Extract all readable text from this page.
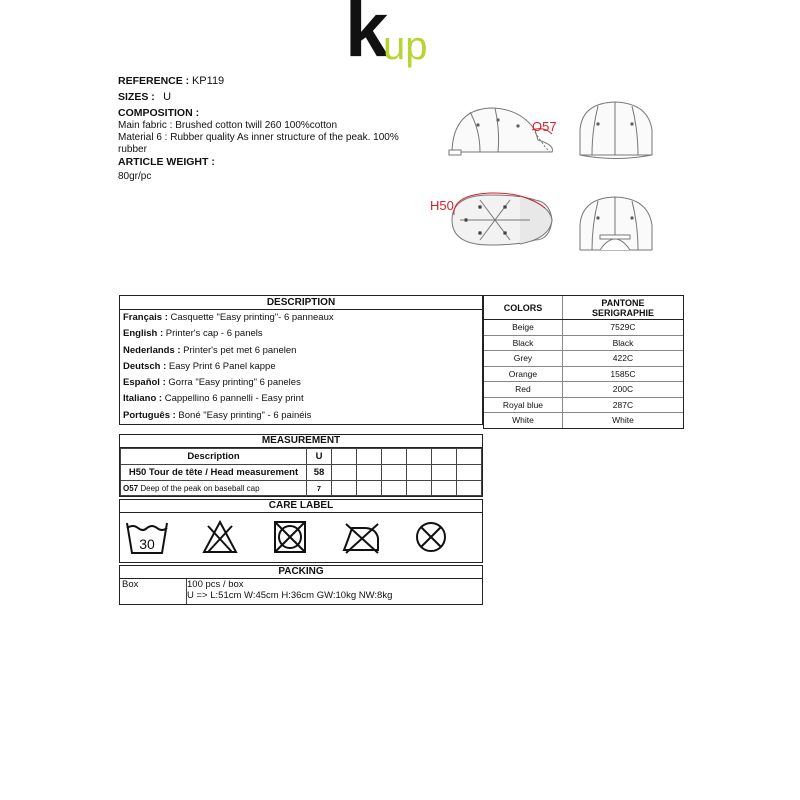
k
up

REFERENCE : KP119

SIZES : U

COMPOSITION :

Main fabric : Brushed cotton twill 260 100%cotton

Material 6 : Rubber quality As inner structure of the peak. 100% rubber

ARTICLE WEIGHT :

80gr/pc

O57
H50
DESCRIPTION
Français : Casquette "Easy printing"- 6 panneaux
English : Printer's cap - 6 panels
Nederlands : Printer's pet met 6 panelen
Deutsch : Easy Print 6 Panel kappe
Español : Gorra "Easy printing" 6 paneles
Italiano : Cappellino 6 pannelli - Easy print
Português : Boné "Easy printing" - 6 painéis
COLORS	PANTONE
SERIGRAPHIE
Beige	7529C
Black	Black
Grey	422C
Orange	1585C
Red	200C
Royal blue	287C
White	White
MEASUREMENT
Description	U						
H50 Tour de tête / Head measurement	58						
O57 Deep of the peak on baseball cap	7						
CARE LABEL
30
PACKING
Box	100 pcs / box
U => L:51cm W:45cm H:36cm GW:10kg NW:8kg
